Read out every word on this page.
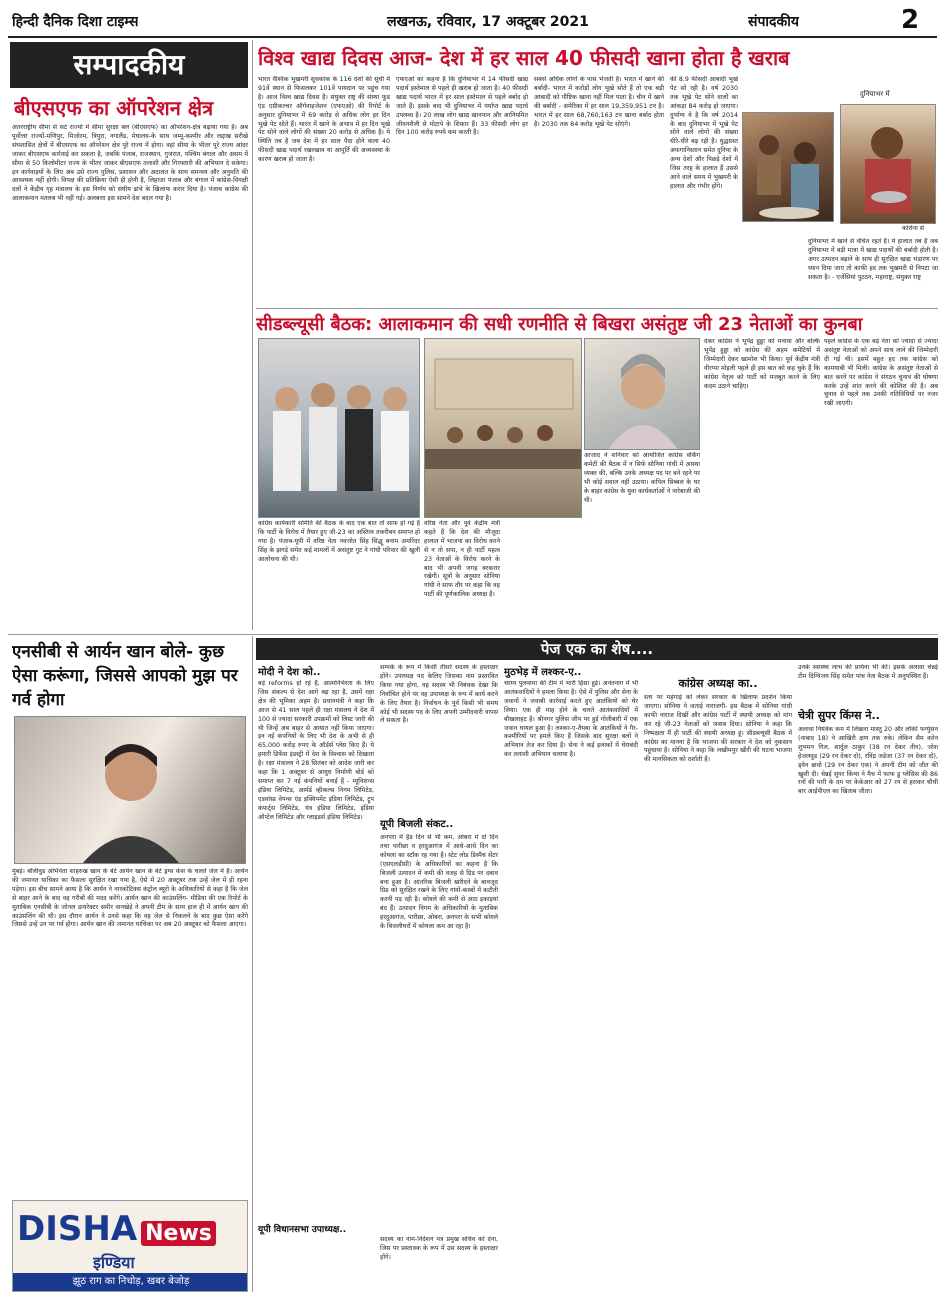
हिन्दी दैनिक दिशा टाइम्स	लखनऊ, रविवार, 17 अक्टूबर 2021	संपादकीय	2
सम्पादकीय
बीएसएफ का ऑपरेशन क्षेत्र
अंतरराष्ट्रीय सीमा से सटे राज्यों में सीमा सुरक्षा बल (बीएसएफ) का ऑपरेशन-क्षेत्र बढ़ाया गया है। अब पूर्वोत्तर राज्यों-मणिपुर, मिजोरम, त्रिपुरा, नगालैंड, मेघालय-के साथ जम्मू-कश्मीर और लद्दाख सरीखे संघशासित क्षेत्रों में बीएसएफ का ऑपरेशन क्षेत्र पूरे राज्य में होगा। वहां सीमा के भीतर पूरे राज्य आंदर जाकर बीएसएफ कार्रवाई कर सकता है, जबकि पंजाब, राजस्थान, गुजरात, पश्चिम बंगाल और असम में सीमा से 50 किलोमीटर राज्य के भीतर जाकर बीएसएफ तलाशी और गिरफ्तारी की अभियान दे सकेगा। इन कार्रवाइयों के लिए अब उसे राज्य पुलिस, प्रशासन और अदालत के साथ समन्वय और अनुमति की आवश्यक नहीं होगी। विपक्ष की प्रतिक्रिया ऐसी ही होनी है, लिहाजा पंजाब और बंगाल में कांग्रेस-विपक्षी दलों ने केंद्रीय गृह मंत्रालय के इस निर्णय को संघीय ढांचे के खिलाफ करार दिया है। पंजाब कांग्रेस की आलाकमान मतलब भी नहीं गई। अलबत्ता इस सामने देश बदल गया है।
विश्व खाद्य दिवस आज- देश में हर साल 40 फीसदी खाना होता है खराब
भारत वैश्विक भुखमरी सूचकांक के 116 देशों की सूची में 91वें स्थान से फिसलकर 101वें पायदान पर पहुंच गया है। आज विश्व खाद्य दिवस है। संयुक्त राष्ट्र की संस्था फूड एंड एग्रीकल्चर ऑर्गनाइजेशन (एफएओ) की रिपोर्ट के अनुसार दुनियाभर में 69 करोड़ से अधिक लोग हर दिन भूखे पेट सोते हैं। भारत में खाने के अभाव में हर दिन भूखे पेट सोने वाले लोगों की संख्या 20 करोड़ से अधिक है। ये स्थिति तब है जब देश में हर साल पैदा होने वाला 40 फीसदी खाद्य पदार्थ रखरखाव या आपूर्ति की अव्यवस्था के कारण खराब हो जाता है।
एफएओ का कहना है कि दुनियाभर में 14 फीसदी खाद्य पदार्थ इस्तेमाल से पहले ही खराब हो जाता है। 40 फीसदी खाद्य पदार्थ भारत में हर साल इस्तेमाल से पहले बर्बाद हो जाते हैं। इसके बाद भी दुनियाभर में पर्याप्त खाद्य पदार्थ उपलब्ध है। 20 लाख लोग खाद्य खानपान और आनियमित जीवनशैली से मोटापे के शिकार हैं। 33 फीसदी लोग हर दिन 100 करोड़ रुपये कम करती है।
सबसे अधिक लोगों के पास भेजती है। भारत में खाने की बर्बादी- भारत में करोड़ों लोग भूखे सोते हैं तो एक बड़ी आबादी को पौष्टिक खाना नहीं मिल पाता है। चीन में खाने की बर्बादी - अमेरिका में हर साल 19,359,951 टन है। भारत में हर साल 68,760,163 टन खाना बर्बाद होता है। 2030 तक 84 करोड़ भूखे पेट सोएंगे।
की 8.9 फीसदी आबादी भूखे पेट सो रही है। वर्ष 2030 तक भूखे पेट सोने वालों का आंकड़ा 84 करोड़ हो जाएगा। दुर्भाग्य ये है कि वर्ष 2014 के बाद दुनियाभर में भूखे पेट सोने वाले लोगों की संख्या धीरे-धीरे बढ़ रही है। युद्धग्रस्त अफगानिस्तान समेत दुनिया के अन्य देशों और पिछड़े देशों में जिस तरह के हालात हैं उससे आने वाले समय में भुखमरी के हालात और गंभीर होंगे।
दुनियाभर में
कोरोना से
दुनियाभर में खाने से वंचित रहते हैं। ये हालात तब हैं जब दुनियाभर में बड़ी मात्रा में खाद्य पदार्थों की बर्बादी होती है। अगर उत्पादन बढ़ाने के साथ ही सुरक्षित खाद्य भंडारण पर ध्यान दिया जाए तो काफी हद तक भुखमरी से निपटा जा सकता है। - एजेंसियां पुटठन, महाराष्ट्र, संयुक्त राष्ट्र
सीडब्ल्यूसी बैठक: आलाकमान की सधी रणनीति से बिखरा असंतुष्ट जी 23 नेताओं का कुनबा
कांग्रेस कार्यकारी समिति की बैठक के बाद एक बात तो साफ हो गई है कि पार्टी के विरोध में तैयार हुए जी-23 का अस्तित्व तकरीबन समाप्त हो गया है। पंजाब-यूपी में वरिष्ठ नेता नवजोत सिंह सिद्धू बनाम अमरिंदर सिंह के झगड़े समेत कई मामलों में असंतुष्ट गुट ने गांधी परिवार की खुली आलोचना की थी।
वरिष्ठ नेता और पूर्व केंद्रीय मंत्री कहते हैं कि देश की मौजूदा हालात में भाजपा का विरोध करने से न तो सपा, न ही पार्टी महत्व 23 नेताओं के विरोध करने के बाद भी अपनी जगह बरकरार रखेगी। सूत्रों के अनुसार सोनिया गांधी ने साफ तौर पर कहा कि वह पार्टी की पूर्णकालिक अध्यक्ष हैं।
आजाद ने शनिवार को आयोजित कांग्रेस वर्किंग कमेटी की बैठक में न सिर्फ सोनिया गांधी में आस्था व्यक्त की, बल्कि उनके अध्यक्ष पद पर बने रहने पर भी कोई सवाल नहीं उठाया। कपिल सिब्बल के घर के बाहर कांग्रेस के युवा कार्यकर्ताओं ने नारेबाजी की थी।
देकर कांग्रेस ने भूपेंद्र हुड्डा को मनाया और बल्कि भूपेंद्र हुड्डा को कांग्रेस की अहम कमेटियों में जिम्मेदारी देकर खामोश भी किया। पूर्व केंद्रीय मंत्री वीरप्पा मोइली पहले ही इस बात को कह चुके हैं कि कांग्रेस नेतृत्व को पार्टी को मजबूत करने के लिए कदम उठाने चाहिए।
पहले कांग्रेस के एक बड़े नेता को ज्यादा से ज्यादा असंतुष्ट नेताओं को अपने साथ लाने की जिम्मेदारी दी गई थी। इसमें बहुत हद तक कांग्रेस को कामयाबी भी मिली। कांग्रेस के असंतुष्ट नेताओं से बात करने पर कांग्रेस ने संगठन चुनाव की घोषणा करके उन्हें शांत करने की कोशिश की है। अब चुनाव से पहले तक उनकी गतिविधियों पर नजर रखी जाएगी।
एनसीबी से आर्यन खान बोले- कुछ ऐसा करूंगा, जिससे आपको मुझ पर गर्व होगा
मुंबई। बॉलीवुड अभिनेता शाहरुख खान के बेटे आर्यन खान के बेटे ड्रग्स केस के चलते जेल में हैं। आर्यन की जमानत याचिका का फैसला सुरक्षित रखा गया है, ऐसे में 20 अक्टूबर तक उन्हें जेल में ही रहना पड़ेगा। इस बीच सामने आया है कि आर्यन ने नारकोटिक्स कंट्रोल ब्यूरो के अधिकारियों से कहा है कि जेल से बाहर आने के बाद वह गरीबों की मदद करेंगे। आर्यन खान की काउंसलिंग- मीडिया की एक रिपोर्ट के मुताबिक एनसीबी के जोनल डायरेक्टर समीर वानखेड़े ने अपनी टीम के साथ हाल ही में आर्यन खान की काउंसलिंग की थी। इस दौरान आर्यन ने उनसे कहा कि वह जेल से निकलने के बाद कुछ ऐसा करेंगे जिससे उन्हें उन पर गर्व होगा। आर्यन खान की जमानत याचिका पर अब 20 अक्टूबर को फैसला आएगा।
DISHA News
इण्डिया
झूठ राग का निचोड़, खबर बेजोड़
पेज एक का शेष....
मोदी ने देश को..
बड़े reforms हो रहे हैं, आत्मनिर्भरता के लिए जिस संकल्प से देश आगे बढ़ रहा है, उसमें रक्षा क्षेत्र की भूमिका अहम है। प्रधानमंत्री ने कहा कि आज से 41 साल पहले ही रक्षा मंत्रालय ने देश में 100 से ज्यादा सरकारी उपक्रमों को लिस्ट जारी की थी जिन्हें अब बाहर से आयात नहीं किया जाएगा। इन नई कंपनियों के लिए भी देश के अभी से ही 65,000 करोड़ रुपए के ऑर्डर्स प्लेस किए हैं। ये हमारी डिफेंस इंडस्ट्री में देश के विश्वास को दिखाता है। रक्षा मंत्रालय ने 28 सितंबर को आदेश जारी कर कहा कि 1 अक्टूबर से आयुध निर्माणी बोर्ड को समाप्त कर 7 नई कंपनियों बनाई हैं - म्यूनिशन्स इंडिया लिमिटेड, आर्मर्ड व्हीकल्स निगम लिमिटेड, एडवांस्ड वेपन्स एंड इक्विपमेंट इंडिया लिमिटेड, ट्रूप कंफर्ट्स लिमिटेड, यंत्र इंडिया लिमिटेड, इंडिया ऑप्टेल लिमिटेड और ग्लाइडर्स इंडिया लिमिटेड।
सम्पर्क के रूप में किसी तीसरे सदस्य के हस्ताक्षर होंगे। उपाध्यक्ष पद केलिए जिसका नाम प्रस्तावित किया गया होगा, वह सदस्य भी निबंधक देखा कि निर्वाचित होने पर वह उपाध्यक्ष के रूप में कार्य करने के लिए तैयार है। निर्वाचन के पूर्व किसी भी समय कोई भी सदस्य पद के लिए अपनी उम्मीदवारी वापस ले सकता है।
यूपी बिजली संकट..
अनपरा में हैड दिन से भी कम, ओबरा में दो दिन तथा पारीछा व हरदुआगंज में आधे-आधे दिन का कोयला का स्टॉक रह गया है। स्टेट लोड डिस्पैच सेंटर (एसएलडीसी) के अधिकारियों का कहना है कि बिजली उत्पादन में कमी की वजह से ग्रिड पर दबाव बना हुआ है। आंतरिक बिजली खरीदने के बावजूद ग्रिड को सुरक्षित रखने के लिए गांवों-कस्बों में कटौती करनी पड़ रही है। कोयले की कमी से आठ इकाइयां बंद हैं। उत्पादन निगम के अधिकारियों के मुताबिक हरदुआगंज, पारीछा, ओबरा, अनपरा के सभी कोयले के बिजलीघरों में कोयला कम आ रहा है।
यूपी विधानसभा उपाध्यक्ष..
सदस्य का नाम-निर्देशन पत्र प्रमुख सचिव को देना, जिस पर प्रस्तावक के रूप में उस सदस्य के हस्ताक्षर होंगे।
मुठभेड़ में लश्कर-ए..
चरम्य पुलवामा की टीम में भारी हिंसा हुई। अनंतनाग में भी आतंकवादियों ने हमला किया है। ऐसे में पुलिस और सेना के जवानों ने जवाबी कार्रवाई करते हुए आतंकियों को घेर लिया। एक ही माह होने के चलते आतंकवादियों में बौखलाहट है। श्रीनगर पुलिस जीप पर हुई गोलीबारी में एक जवान घायल हुआ है। लश्कर-ए-तैयबा के आतंकियों ने गैर-कश्मीरियों पर हमले किए हैं जिसके बाद सुरक्षा बलों ने अभियान तेज कर दिया है। सेना ने कई इलाकों में घेराबंदी कर तलाशी अभियान चलाया है।
कांग्रेस अध्यक्ष का..
स्तर पर महंगाई को लेकर सरकार के खिलाफ प्रदर्शन किया जाएगा। सोनिया ने जताई नाराजगी- इस बैठक में सोनिया गांधी काफी नाराज दिखीं और कांग्रेस पार्टी में स्थायी अध्यक्ष को मांग कर रहे जी-23 नेताओं को जवाब दिया। सोनिया ने कहा कि निष्पक्षता मैं ही पार्टी की स्थायी अध्यक्ष हूं। सीडब्ल्यूसी बैठक में कांग्रेस का मानना है कि भाजपा की सरकार ने देश को नुकसान पहुंचाया है। सोनिया ने कहा कि लखीमपुर खीरी की घटना भाजपा की मानसिकता को दर्शाती है।
उनके स्वास्थ्य लाभ की प्रार्थना भी की। इसके अलावा चेन्नई टीम दिग्विजय सिंह समेत पांच नेता बैठक में अनुपस्थित हैं।
चेत्री सुपर किंग्स ने..
अलावा नियंत्रेक कम में लिखना मास्तु 20 और लॉकी फर्ग्युसन (नाबाद 18) ने आखिरी क्षण तक रुके। लेकिन सैम करेन शुभमन गिल, शार्दुल ठाकुर (38 रन देकर तीन), जोश हेजलवुड (29 रन देकर दो), रविंद्र जडेजा (37 रन देकर दो), ड्वेन ब्रावो (29 रन देकर एक) ने अपनी टीम को जीत की खुशी दी। चेन्नई सुपर किंग्स ने मैच में फाफ डु प्लेसिस की 86 रनों की पारी के दम पर केकेआर को 27 रन से हराकर चौथी बार आईपीएल का खिताब जीता।
